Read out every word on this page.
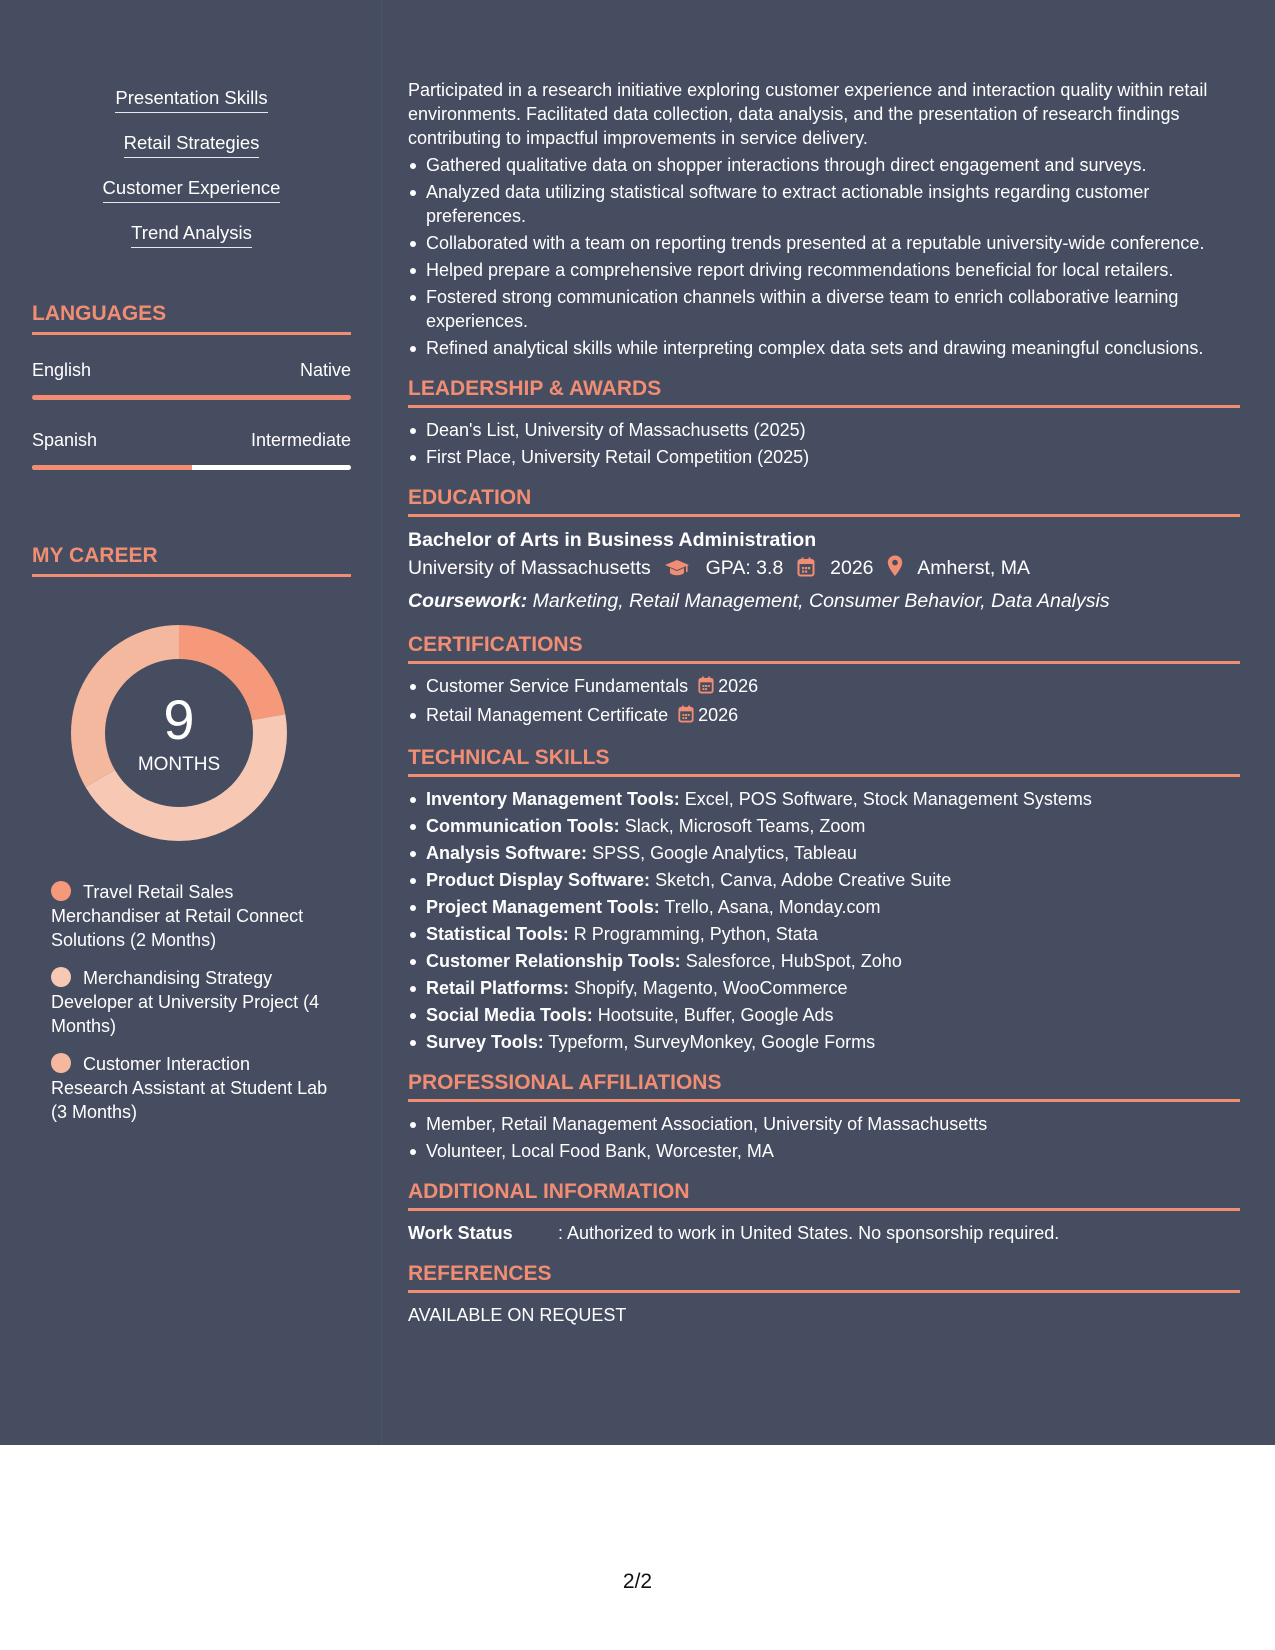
Presentation Skills
Retail Strategies
Customer Experience
Trend Analysis
LANGUAGES
English	Native
Spanish	Intermediate
MY CAREER
9
MONTHS
Travel Retail Sales Merchandiser at Retail Connect Solutions (2 Months)
Merchandising Strategy Developer at University Project (4 Months)
Customer Interaction Research Assistant at Student Lab (3 Months)
Participated in a research initiative exploring customer experience and interaction quality within retail environments. Facilitated data collection, data analysis, and the presentation of research findings contributing to impactful improvements in service delivery.
Gathered qualitative data on shopper interactions through direct engagement and surveys.
Analyzed data utilizing statistical software to extract actionable insights regarding customer preferences.
Collaborated with a team on reporting trends presented at a reputable university-wide conference.
Helped prepare a comprehensive report driving recommendations beneficial for local retailers.
Fostered strong communication channels within a diverse team to enrich collaborative learning experiences.
Refined analytical skills while interpreting complex data sets and drawing meaningful conclusions.
LEADERSHIP & AWARDS
Dean's List, University of Massachusetts (2025)
First Place, University Retail Competition (2025)
EDUCATION
Bachelor of Arts in Business Administration
University of Massachusetts	GPA: 3.8 2026 Amherst, MA
Coursework: Marketing, Retail Management, Consumer Behavior, Data Analysis
CERTIFICATIONS
Customer Service Fundamentals 2026
Retail Management Certificate 2026
TECHNICAL SKILLS
Inventory Management Tools: Excel, POS Software, Stock Management Systems
Communication Tools: Slack, Microsoft Teams, Zoom
Analysis Software: SPSS, Google Analytics, Tableau
Product Display Software: Sketch, Canva, Adobe Creative Suite
Project Management Tools: Trello, Asana, Monday.com
Statistical Tools: R Programming, Python, Stata
Customer Relationship Tools: Salesforce, HubSpot, Zoho
Retail Platforms: Shopify, Magento, WooCommerce
Social Media Tools: Hootsuite, Buffer, Google Ads
Survey Tools: Typeform, SurveyMonkey, Google Forms
PROFESSIONAL AFFILIATIONS
Member, Retail Management Association, University of Massachusetts
Volunteer, Local Food Bank, Worcester, MA
ADDITIONAL INFORMATION
Work Status	: Authorized to work in United States. No sponsorship required.
REFERENCES
AVAILABLE ON REQUEST
2/2
